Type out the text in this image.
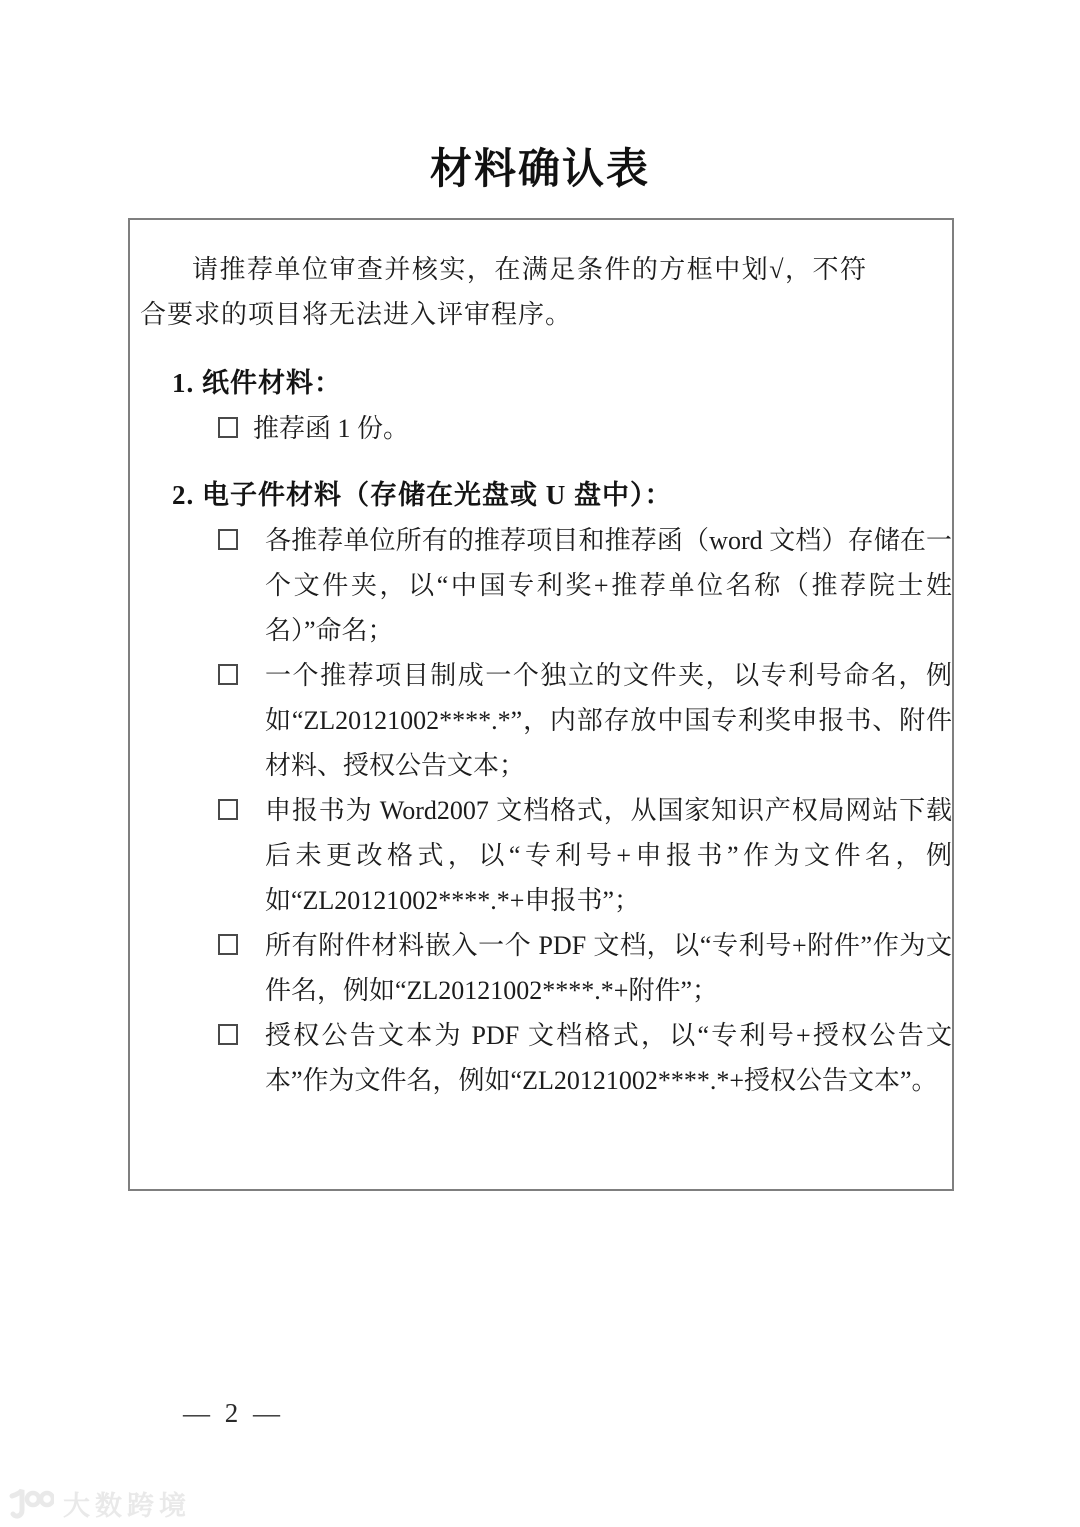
材料确认表

请推荐单位审查并核实，在满足条件的方框中划√，不符合要求的项目将无法进入评审程序。

1. 纸件材料：
推荐函 1 份。
2. 电子件材料（存储在光盘或 U 盘中）：
各推荐单位所有的推荐项目和推荐函（word 文档）存储在一个文件夹，以“中国专利奖+推荐单位名称（推荐院士姓名）”命名；
一个推荐项目制成一个独立的文件夹，以专利号命名，例如“ZL20121002****.*”，内部存放中国专利奖申报书、附件材料、授权公告文本；
申报书为 Word2007 文档格式，从国家知识产权局网站下载后未更改格式，以“专利号+申报书”作为文件名，例如“ZL20121002****.*+申报书”；
所有附件材料嵌入一个 PDF 文档，以“专利号+附件”作为文件名，例如“ZL20121002****.*+附件”；
授权公告文本为 PDF 文档格式，以“专利号+授权公告文本”作为文件名，例如“ZL20121002****.*+授权公告文本”。
— 2 —
大数跨境
